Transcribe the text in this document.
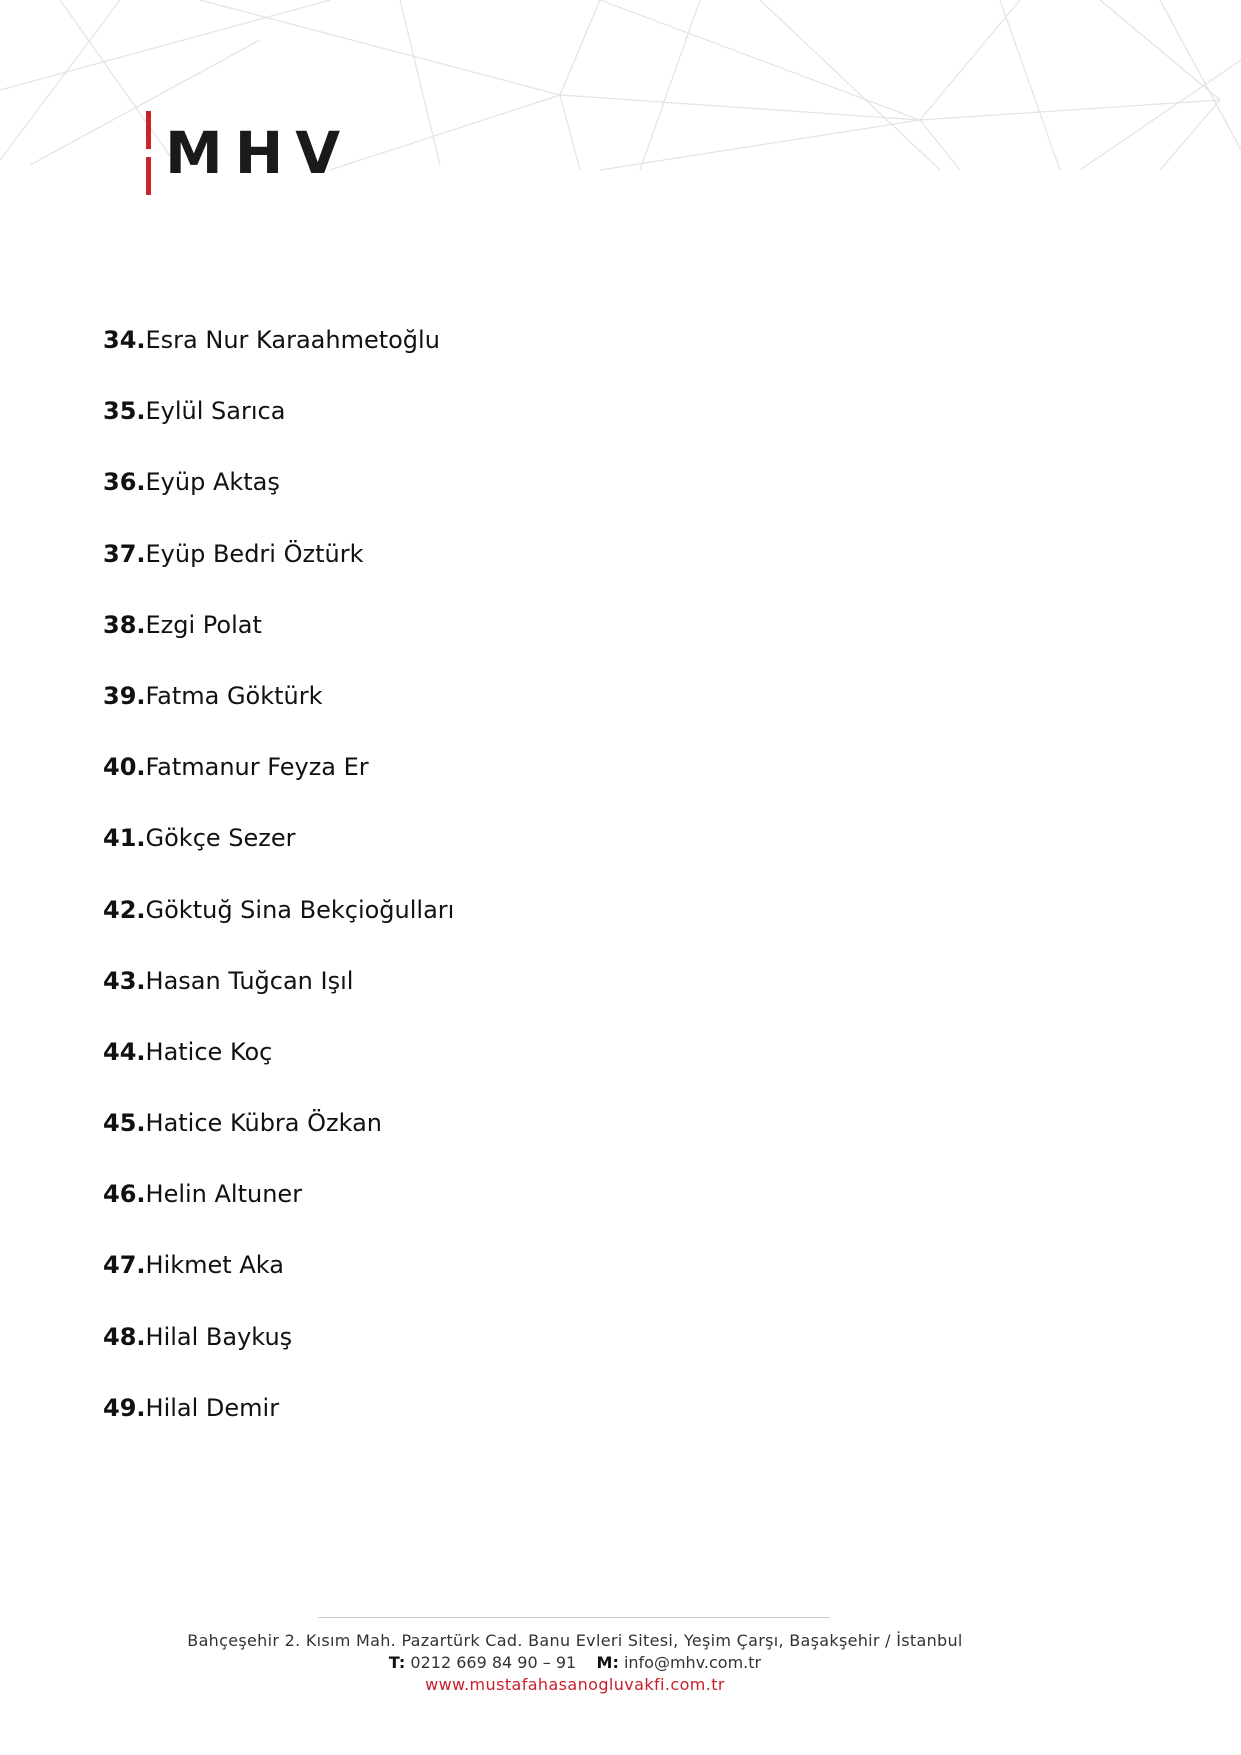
MHV
34.Esra Nur Karaahmetoğlu
35.Eylül Sarıca
36.Eyüp Aktaş
37.Eyüp Bedri Öztürk
38.Ezgi Polat
39.Fatma Göktürk
40.Fatmanur Feyza Er
41.Gökçe Sezer
42.Göktuğ Sina Bekçioğulları
43.Hasan Tuğcan Işıl
44.Hatice Koç
45.Hatice Kübra Özkan
46.Helin Altuner
47.Hikmet Aka
48.Hilal Baykuş
49.Hilal Demir
Bahçeşehir 2. Kısım Mah. Pazartürk Cad. Banu Evleri Sitesi, Yeşim Çarşı, Başakşehir / İstanbul
T: 0212 669 84 90 – 91 M: info@mhv.com.tr
www.mustafahasanogluvakfi.com.tr
